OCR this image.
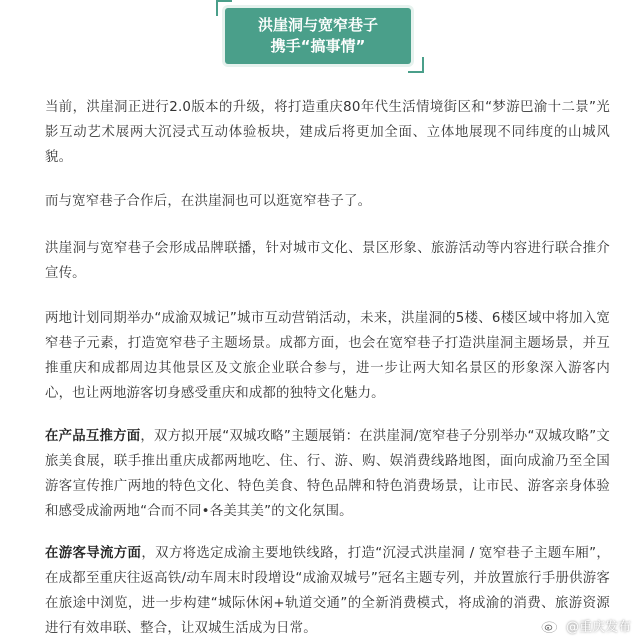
洪崖洞与宽窄巷子
携手“搞事情”

当前，洪崖洞正进行2.0版本的升级，将打造重庆80年代生活情境街区和“梦游巴渝十二景”光影互动艺术展两大沉浸式互动体验板块，建成后将更加全面、立体地展现不同纬度的山城风貌。

而与宽窄巷子合作后，在洪崖洞也可以逛宽窄巷子了。

洪崖洞与宽窄巷子会形成品牌联播，针对城市文化、景区形象、旅游活动等内容进行联合推介宣传。

两地计划同期举办“成渝双城记”城市互动营销活动，未来，洪崖洞的5楼、6楼区域中将加入宽窄巷子元素，打造宽窄巷子主题场景。成都方面，也会在宽窄巷子打造洪崖洞主题场景，并互推重庆和成都周边其他景区及文旅企业联合参与，进一步让两大知名景区的形象深入游客内心，也让两地游客切身感受重庆和成都的独特文化魅力。

在产品互推方面，双方拟开展“双城攻略”主题展销：在洪崖洞/宽窄巷子分别举办“双城攻略”文旅美食展，联手推出重庆成都两地吃、住、行、游、购、娱消费线路地图，面向成渝乃至全国游客宣传推广两地的特色文化、特色美食、特色品牌和特色消费场景，让市民、游客亲身体验和感受成渝两地“合而不同•各美其美”的文化氛围。

在游客导流方面，双方将选定成渝主要地铁线路，打造“沉浸式洪崖洞 / 宽窄巷子主题车厢”，在成都至重庆往返高铁/动车周末时段增设“成渝双城号”冠名主题专列，并放置旅行手册供游客在旅途中浏览，进一步构建“城际休闲+轨道交通”的全新消费模式，将成渝的消费、旅游资源进行有效串联、整合，让双城生活成为日常。	@重庆发布
